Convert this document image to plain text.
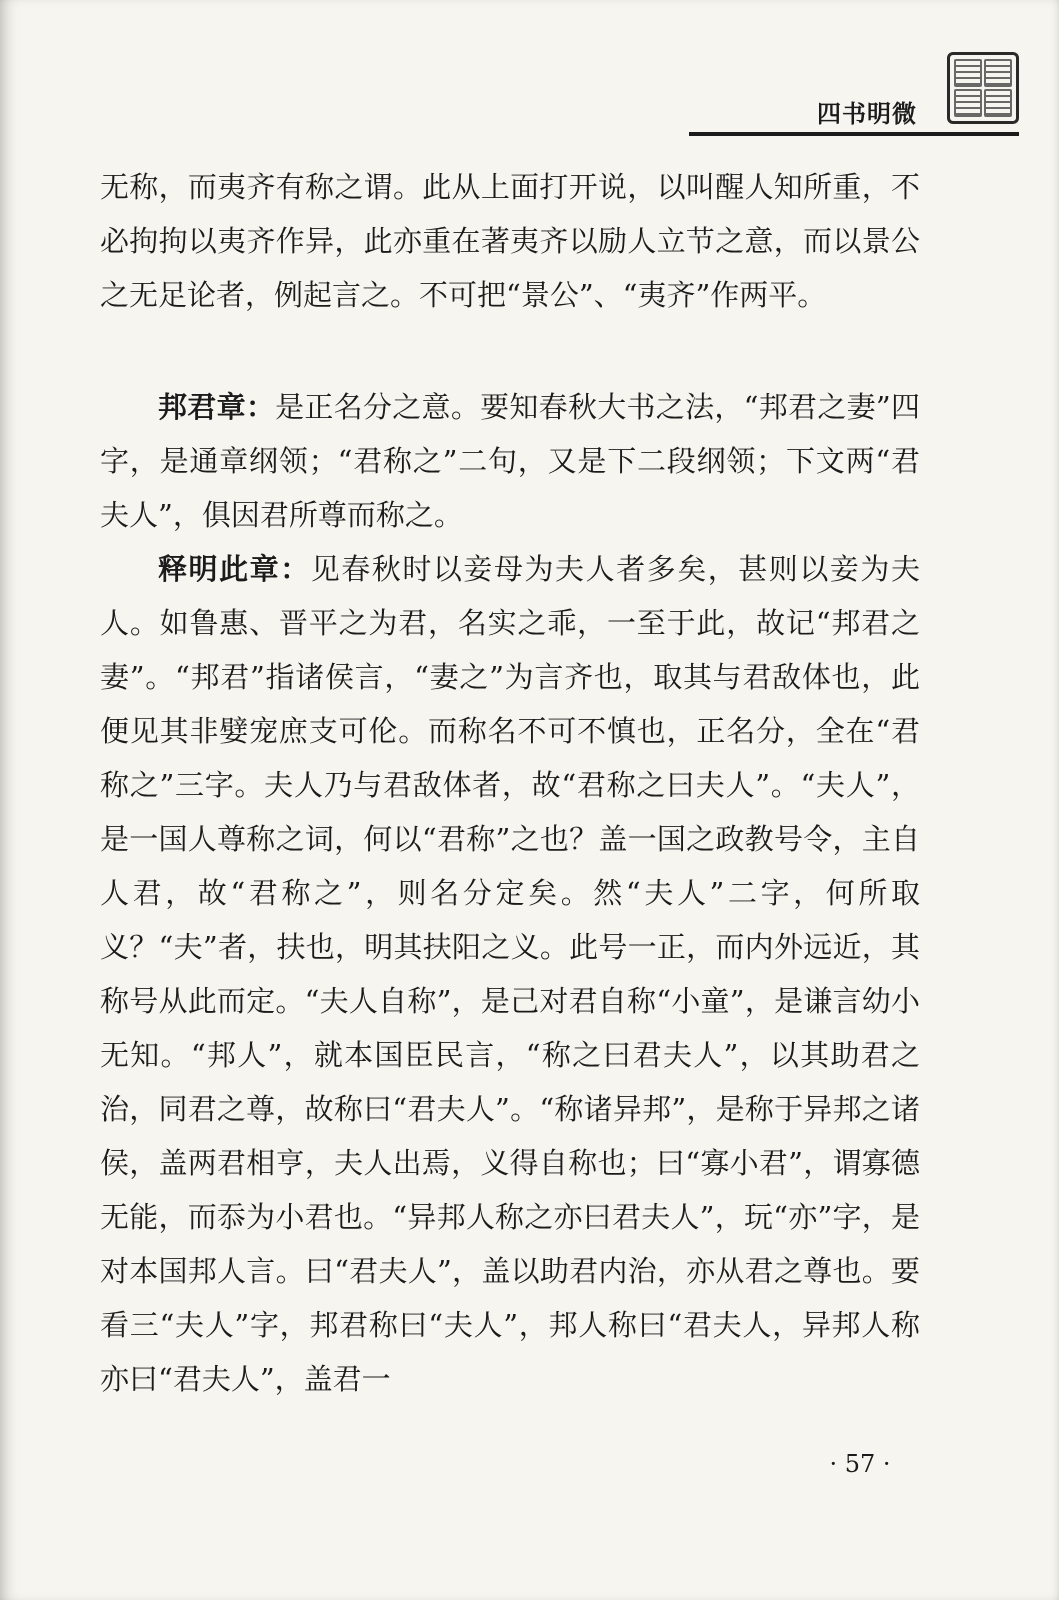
四书明微

无称，而夷齐有称之谓。此从上面打开说，以叫醒人知所重，不必拘拘以夷齐作异，此亦重在著夷齐以励人立节之意，而以景公之无足论者，例起言之。不可把“景公”、“夷齐”作两平。

邦君章：是正名分之意。要知春秋大书之法，“邦君之妻”四字，是通章纲领；“君称之”二句，又是下二段纲领；下文两“君夫人”，俱因君所尊而称之。

释明此章：见春秋时以妾母为夫人者多矣，甚则以妾为夫人。如鲁惠、晋平之为君，名实之乖，一至于此，故记“邦君之妻”。“邦君”指诸侯言，“妻之”为言齐也，取其与君敌体也，此便见其非嬖宠庶支可伦。而称名不可不慎也，正名分，全在“君称之”三字。夫人乃与君敌体者，故“君称之曰夫人”。“夫人”，是一国人尊称之词，何以“君称”之也？盖一国之政教号令，主自人君，故“君称之”，则名分定矣。然“夫人”二字，何所取义？“夫”者，扶也，明其扶阳之义。此号一正，而内外远近，其称号从此而定。“夫人自称”，是己对君自称“小童”，是谦言幼小无知。“邦人”，就本国臣民言，“称之曰君夫人”，以其助君之治，同君之尊，故称曰“君夫人”。“称诸异邦”，是称于异邦之诸侯，盖两君相亨，夫人出焉，义得自称也；曰“寡小君”，谓寡德无能，而忝为小君也。“异邦人称之亦曰君夫人”，玩“亦”字，是对本国邦人言。曰“君夫人”，盖以助君内治，亦从君之尊也。要看三“夫人”字，邦君称曰“夫人”，邦人称曰“君夫人，异邦人称亦曰“君夫人”，盖君一

· 57 ·
